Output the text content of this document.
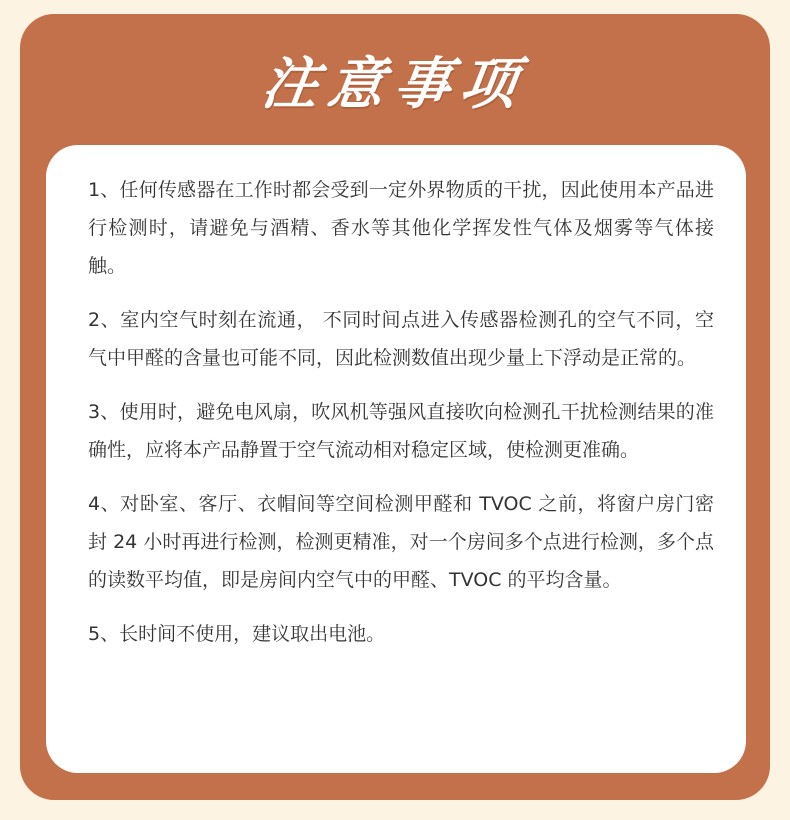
注意事项
1、任何传感器在工作时都会受到一定外界物质的干扰，因此使用本产品进行检测时，请避免与酒精、香水等其他化学挥发性气体及烟雾等气体接触。
2、室内空气时刻在流通， 不同时间点进入传感器检测孔的空气不同，空气中甲醛的含量也可能不同，因此检测数值出现少量上下浮动是正常的。
3、使用时，避免电风扇，吹风机等强风直接吹向检测孔干扰检测结果的准确性，应将本产品静置于空气流动相对稳定区域，使检测更准确。
4、对卧室、客厅、衣帽间等空间检测甲醛和 TVOC 之前，将窗户房门密封 24 小时再进行检测，检测更精准，对一个房间多个点进行检测，多个点的读数平均值，即是房间内空气中的甲醛、TVOC 的平均含量。
5、长时间不使用，建议取出电池。
